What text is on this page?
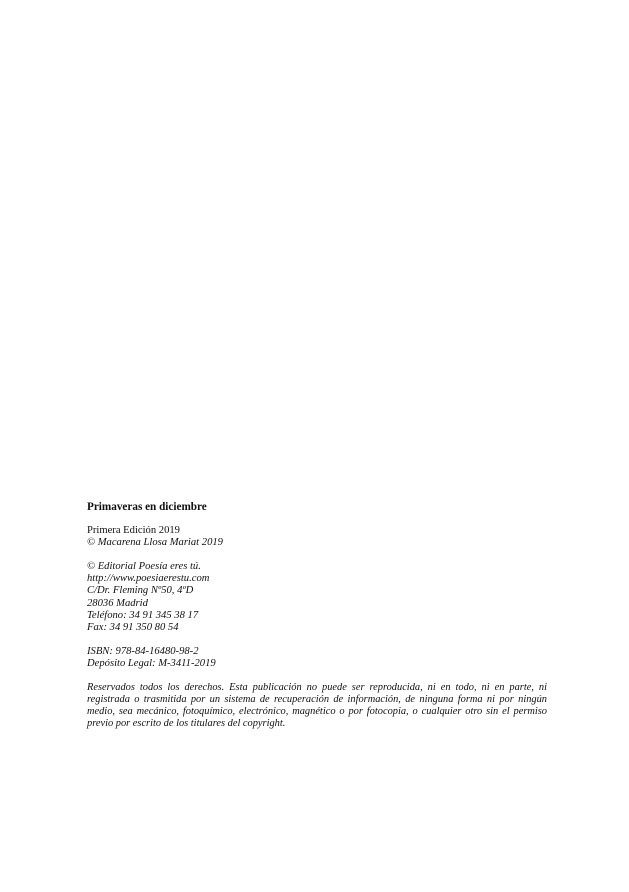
Primaveras en diciembre
Primera Edición 2019
© Macarena Llosa Mariat 2019
© Editorial Poesía eres tú.
http://www.poesiaerestu.com
C/Dr. Fleming Nº50, 4ºD
28036 Madrid
Teléfono: 34 91 345 38 17
Fax: 34 91 350 80 54
ISBN: 978-84-16480-98-2
Depósito Legal: M-3411-2019

Reservados todos los derechos. Esta publicación no puede ser reproducida, ni en todo, ni en parte, ni registrada o trasmitida por un sistema de recuperación de información, de ninguna forma ni por ningún medio, sea mecánico, fotoquímico, electrónico, magnético o por fotocopia, o cualquier otro sin el permiso previo por escrito de los titulares del copyright.
